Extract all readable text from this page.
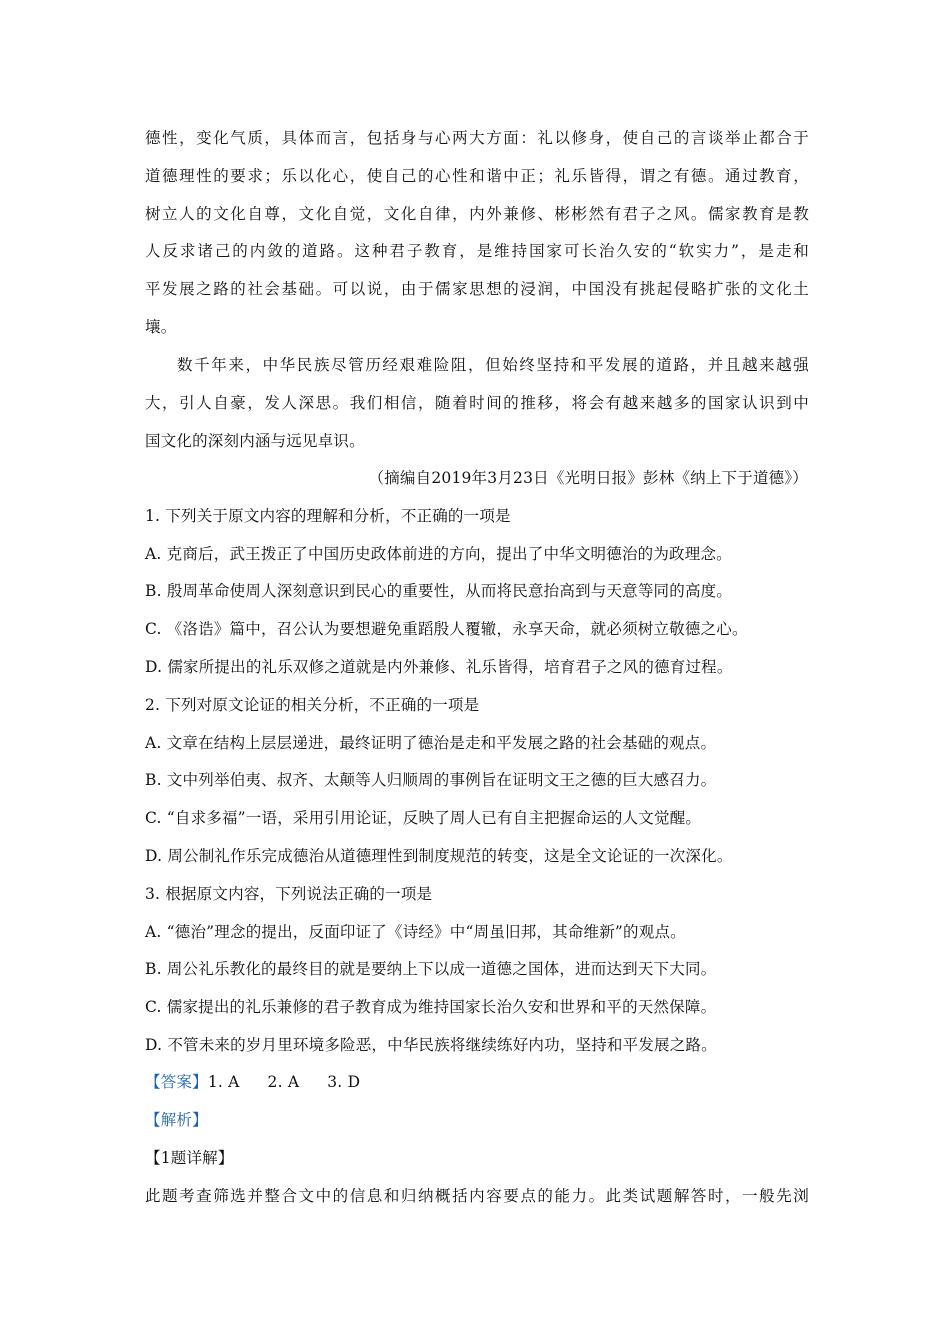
德性，变化气质，具体而言，包括身与心两大方面：礼以修身，使自己的言谈举止都合于
道德理性的要求；乐以化心，使自己的心性和谐中正；礼乐皆得，谓之有德。通过教育，
树立人的文化自尊，文化自觉，文化自律，内外兼修、彬彬然有君子之风。儒家教育是教
人反求诸己的内敛的道路。这种君子教育，是维持国家可长治久安的“软实力”，是走和
平发展之路的社会基础。可以说，由于儒家思想的浸润，中国没有挑起侵略扩张的文化土
壤。
数千年来，中华民族尽管历经艰难险阻，但始终坚持和平发展的道路，并且越来越强
大，引人自豪，发人深思。我们相信，随着时间的推移，将会有越来越多的国家认识到中
国文化的深刻内涵与远见卓识。
（摘编自2019年3月23日《光明日报》彭林《纳上下于道德》）
1. 下列关于原文内容的理解和分析，不正确的一项是
A. 克商后，武王拨正了中国历史政体前进的方向，提出了中华文明德治的为政理念。
B. 殷周革命使周人深刻意识到民心的重要性，从而将民意抬高到与天意等同的高度。
C. 《洛诰》篇中，召公认为要想避免重蹈殷人覆辙，永享天命，就必须树立敬德之心。
D. 儒家所提出的礼乐双修之道就是内外兼修、礼乐皆得，培育君子之风的德育过程。
2. 下列对原文论证的相关分析，不正确的一项是
A. 文章在结构上层层递进，最终证明了德治是走和平发展之路的社会基础的观点。
B. 文中列举伯夷、叔齐、太颠等人归顺周的事例旨在证明文王之德的巨大感召力。
C. “自求多福”一语，采用引用论证，反映了周人已有自主把握命运的人文觉醒。
D. 周公制礼作乐完成德治从道德理性到制度规范的转变，这是全文论证的一次深化。
3. 根据原文内容，下列说法正确的一项是
A. “德治”理念的提出，反面印证了《诗经》中“周虽旧邦，其命维新”的观点。
B. 周公礼乐教化的最终目的就是要纳上下以成一道德之国体，进而达到天下大同。
C. 儒家提出的礼乐兼修的君子教育成为维持国家长治久安和世界和平的天然保障。
D. 不管未来的岁月里环境多险恶，中华民族将继续练好内功，坚持和平发展之路。
【答案】1. A 2. A 3. D
【解析】
【1题详解】
此题考查筛选并整合文中的信息和归纳概括内容要点的能力。此类试题解答时，一般先浏
